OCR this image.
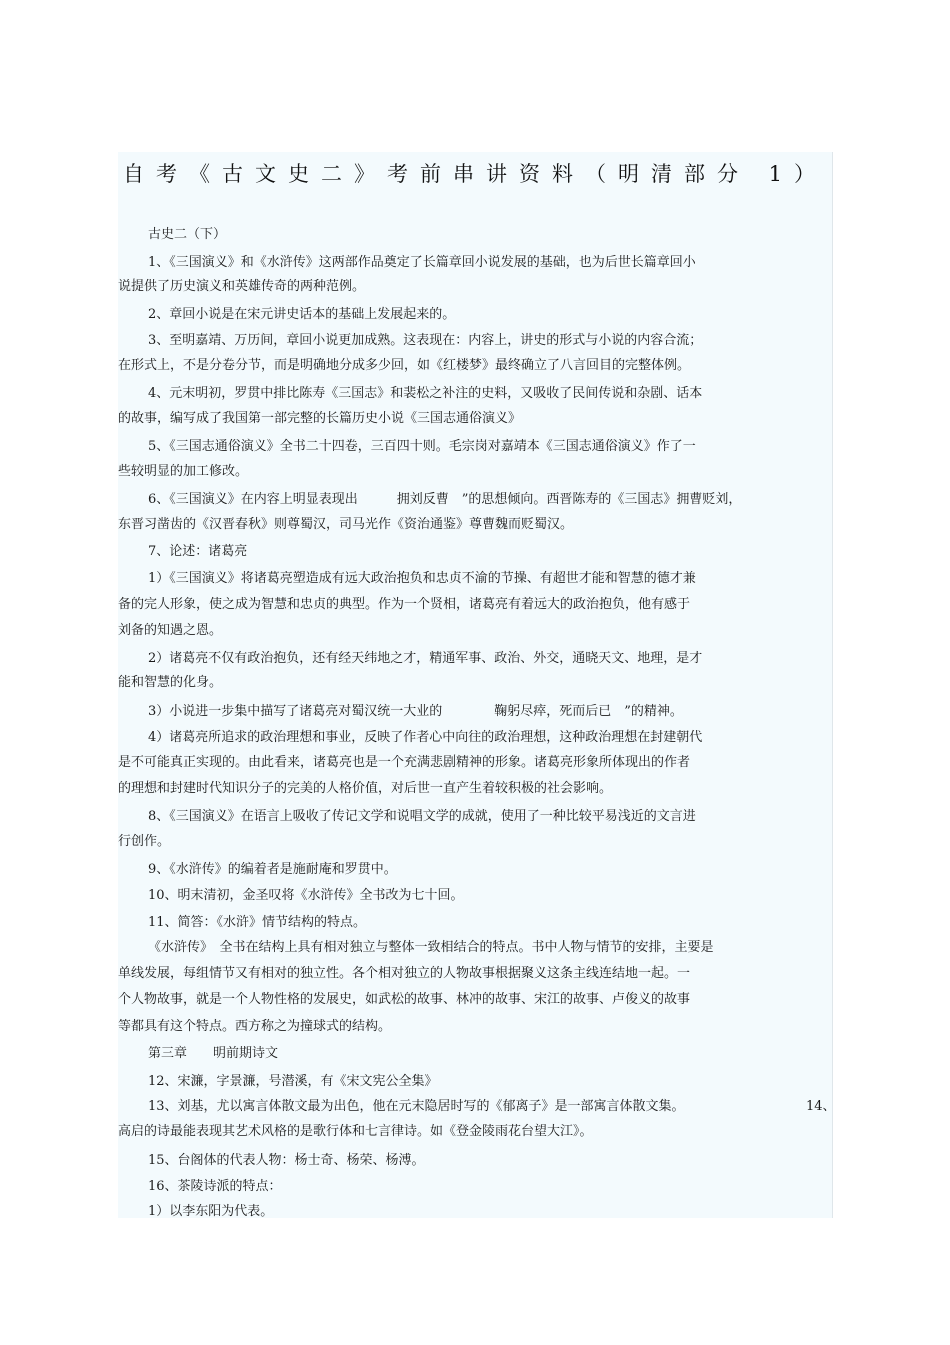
自考《古文史二》考前串讲资料（明清部分 1）
古史二（下）
1、《三国演义》和《水浒传》这两部作品奠定了长篇章回小说发展的基础，也为后世长篇章回小
说提供了历史演义和英雄传奇的两种范例。
2、章回小说是在宋元讲史话本的基础上发展起来的。
3、至明嘉靖、万历间，章回小说更加成熟。这表现在：内容上，讲史的形式与小说的内容合流；
在形式上，不是分卷分节，而是明确地分成多少回，如《红楼梦》最终确立了八言回目的完整体例。
4、元末明初，罗贯中排比陈寿《三国志》和裴松之补注的史料，又吸收了民间传说和杂剧、话本
的故事，编写成了我国第一部完整的长篇历史小说《三国志通俗演义》
5、《三国志通俗演义》全书二十四卷，三百四十则。毛宗岗对嘉靖本《三国志通俗演义》作了一
些较明显的加工修改。
6、《三国演义》在内容上明显表现出　　　拥刘反曹　”的思想倾向。西晋陈寿的《三国志》拥曹贬刘，
东晋习凿齿的《汉晋春秋》则尊蜀汉，司马光作《资治通鉴》尊曹魏而贬蜀汉。
7、论述：诸葛亮
1）《三国演义》将诸葛亮塑造成有远大政治抱负和忠贞不渝的节操、有超世才能和智慧的德才兼
备的完人形象，使之成为智慧和忠贞的典型。作为一个贤相，诸葛亮有着远大的政治抱负，他有感于
刘备的知遇之恩。
2）诸葛亮不仅有政治抱负，还有经天纬地之才，精通军事、政治、外交，通晓天文、地理，是才
能和智慧的化身。
3）小说进一步集中描写了诸葛亮对蜀汉统一大业的　　　　鞠躬尽瘁，死而后已　”的精神。
4）诸葛亮所追求的政治理想和事业，反映了作者心中向往的政治理想，这种政治理想在封建朝代
是不可能真正实现的。由此看来，诸葛亮也是一个充满悲剧精神的形象。诸葛亮形象所体现出的作者
的理想和封建时代知识分子的完美的人格价值，对后世一直产生着较积极的社会影响。
8、《三国演义》在语言上吸收了传记文学和说唱文学的成就，使用了一种比较平易浅近的文言进
行创作。
9、《水浒传》的编着者是施耐庵和罗贯中。
10、明末清初，金圣叹将《水浒传》全书改为七十回。
11、简答：《水浒》情节结构的特点。
《水浒传》　全书在结构上具有相对独立与整体一致相结合的特点。书中人物与情节的安排，主要是
单线发展，每组情节又有相对的独立性。各个相对独立的人物故事根据聚义这条主线连结地一起。一
个人物故事，就是一个人物性格的发展史，如武松的故事、林冲的故事、宋江的故事、卢俊义的故事
等都具有这个特点。西方称之为撞球式的结构。
第三章　　明前期诗文
12、宋濂，字景濂，号潜溪，有《宋文宪公全集》
13、刘基，尤以寓言体散文最为出色，他在元末隐居时写的《郁离子》是一部寓言体散文集。	14、
高启的诗最能表现其艺术风格的是歌行体和七言律诗。如《登金陵雨花台望大江》。
15、台阁体的代表人物：杨士奇、杨荣、杨溥。
16、茶陵诗派的特点：
1）以李东阳为代表。
